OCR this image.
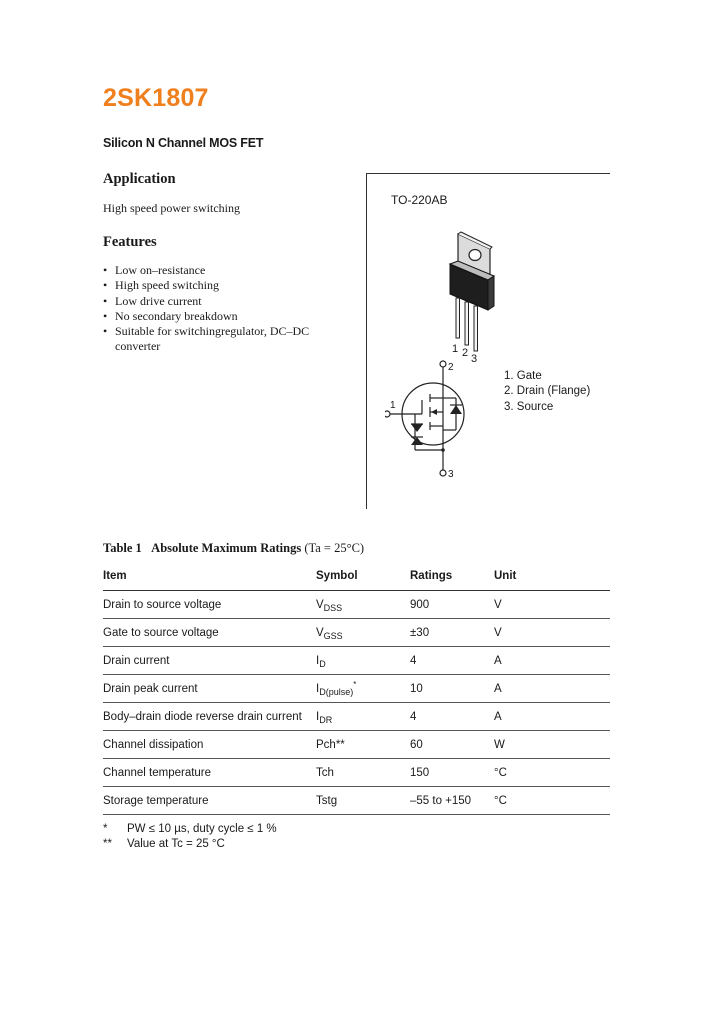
2SK1807
Silicon N Channel MOS FET
Application
High speed power switching
Features
• Low on–resistance
• High speed switching
• Low drive current
• No secondary breakdown
• Suitable for switchingregulator, DC–DC converter
TO-220AB
1 2 3
1
2
3
1. Gate
2. Drain (Flange)
3. Source
Table 1 Absolute Maximum Ratings (Ta = 25°C)
Item	Symbol	Ratings	Unit
Drain to source voltage	$V_{DSS}$	900	V
Gate to source voltage	$V_{GSS}$	±30	V
Drain current	$I_D$	4	A
Drain peak current	$I_{D(pulse)}^*$	10	A
Body–drain diode reverse drain current	$I_{DR}$	4	A
Channel dissipation	Pch**	60	W
Channel temperature	Tch	150	°C
Storage temperature	Tstg	–55 to +150	°C
* PW ≤ 10 µs, duty cycle ≤ 1 %
** Value at Tc = 25 °C
